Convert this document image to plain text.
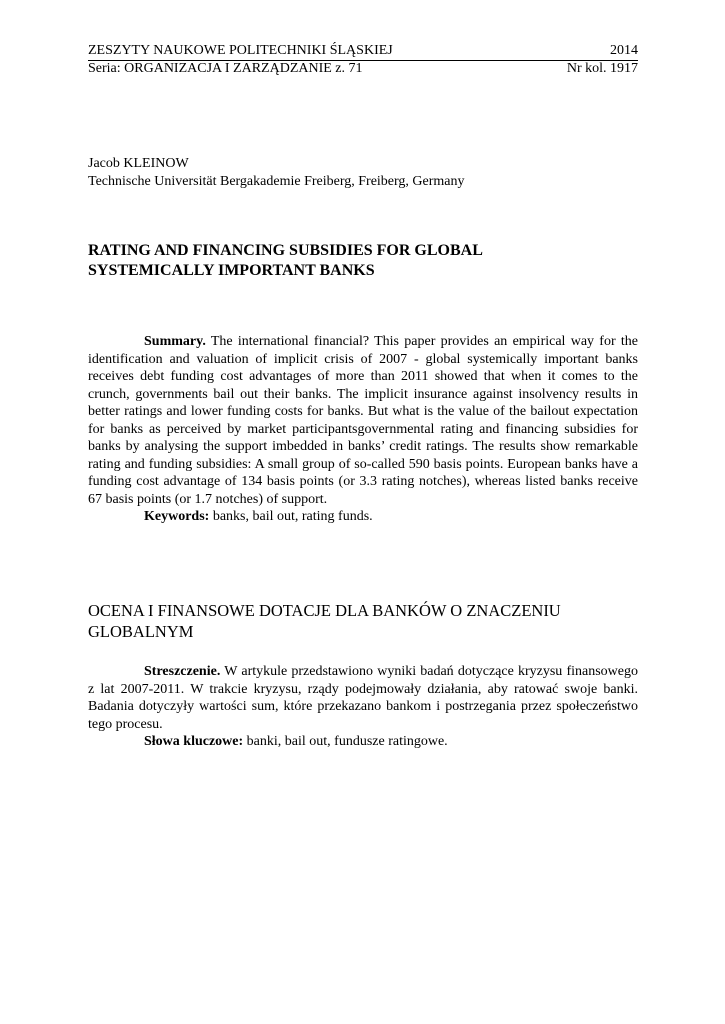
ZESZYTY NAUKOWE POLITECHNIKI ŚLĄSKIEJ	2014
Seria: ORGANIZACJA I ZARZĄDZANIE z. 71	Nr kol. 1917
Jacob KLEINOW
Technische Universität Bergakademie Freiberg, Freiberg, Germany
RATING AND FINANCING SUBSIDIES FOR GLOBAL
SYSTEMICALLY IMPORTANT BANKS

Summary. The international financial? This paper provides an empirical way for the identification and valuation of implicit crisis of 2007 - global systemically important banks receives debt funding cost advantages of more than 2011 showed that when it comes to the crunch, governments bail out their banks. The implicit insurance against insolvency results in better ratings and lower funding costs for banks. But what is the value of the bailout expectation for banks as perceived by market participantsgovernmental rating and financing subsidies for banks by analysing the support imbedded in banks’ credit ratings. The results show remarkable rating and funding subsidies: A small group of so-called 590 basis points. European banks have a funding cost advantage of 134 basis points (or 3.3 rating notches), whereas listed banks receive 67 basis points (or 1.7 notches) of support.

Keywords: banks, bail out, rating funds.

OCENA I FINANSOWE DOTACJE DLA BANKÓW O ZNACZENIU
GLOBALNYM

Streszczenie. W artykule przedstawiono wyniki badań dotyczące kryzysu finansowego z lat 2007-2011. W trakcie kryzysu, rządy podejmowały działania, aby ratować swoje banki. Badania dotyczyły wartości sum, które przekazano bankom i postrzegania przez społeczeństwo tego procesu.

Słowa kluczowe: banki, bail out, fundusze ratingowe.
